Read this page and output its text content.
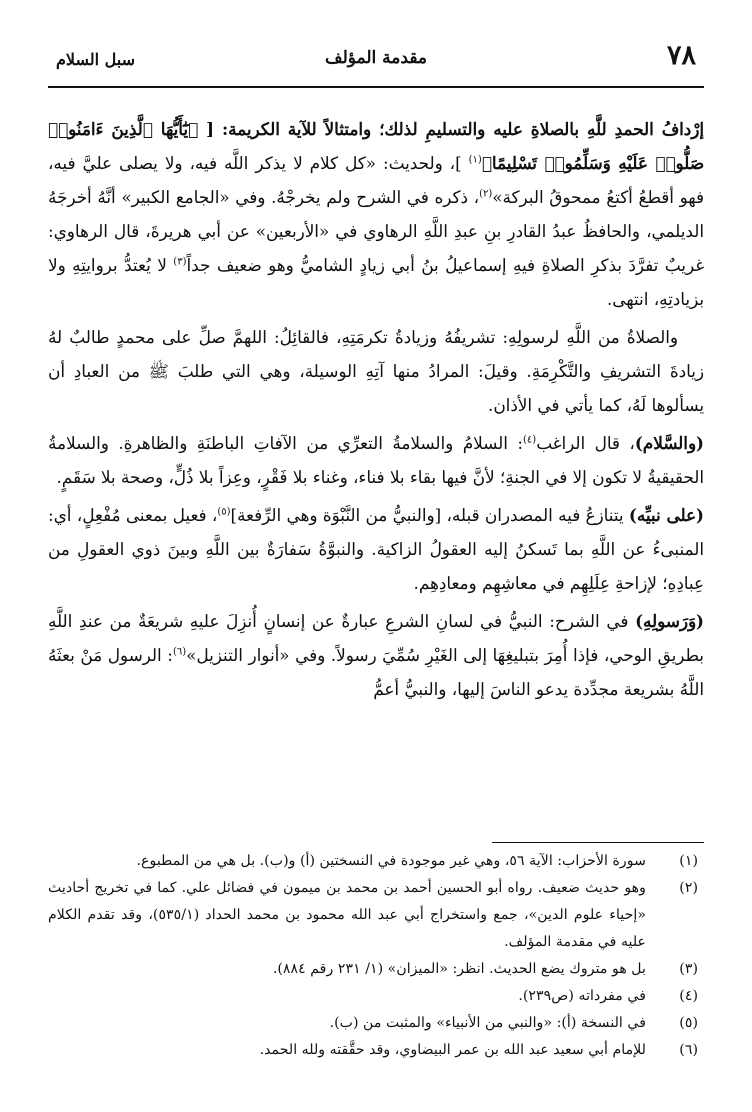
٧٨
مقدمة المؤلف
سبل السلام

إرْدافُ الحمدِ للَّهِ بالصلاةِ عليه والتسليمِ لذلك؛ وامتثالاً للآية الكريمة: [ ﴿يَٰٓأَيُّهَا ٱلَّذِينَ ءَامَنُوا۟ صَلُّوا۟ عَلَيْهِ وَسَلِّمُوا۟ تَسْلِيمًا﴾$^{(١)}$ ]، ولحديث: «كل كلام لا يذكر اللَّه فيه، ولا يصلى عليَّ فيه، فهو أقطعُ أكتعُ ممحوقُ البركة»$^{(٢)}$، ذكره في الشرح ولم يخرجْهُ. وفي «الجامع الكبير» أنَّهُ أخرجَهُ الديلمي، والحافظُ عبدُ القادرِ بنِ عبدِ اللَّهِ الرهاوي في «الأربعين» عن أبي هريرةَ، قال الرهاوي: غريبٌ تفرَّدَ بذكرِ الصلاةِ فيهِ إسماعيلُ بنُ أبي زيادٍ الشاميُّ وهو ضعيف جداً$^{(٣)}$ لا يُعتدُّ بروايتِهِ ولا بزيادتِهِ، انتهى.

والصلاةُ من اللَّهِ لرسولِهِ: تشريفُهُ وزيادةُ تكرمَتِهِ، فالقائِلُ: اللهمَّ صلِّ على محمدٍ طالبٌ لهُ زيادةَ التشريفِ والتَّكْرِمَةِ. وقيلَ: المرادُ منها آتِهِ الوسيلة، وهي التي طلبَ ﷺ من العبادِ أن يسألوها لَهُ، كما يأتي في الأذان.

(والسَّلام)، قال الراغب$^{(٤)}$: السلامُ والسلامةُ التعرِّي من الآفاتِ الباطنَةِ والظاهرةِ. والسلامةُ الحقيقيةُ لا تكون إلا في الجنةِ؛ لأنَّ فيها بقاء بلا فناء، وغناء بلا فَقْرٍ، وعِزاً بلا ذُلٍّ، وصحة بلا سَقَمٍ.

(على نبيِّه) يتنازعُ فيه المصدران قبله، [والنبيُّ من النَّبْوَة وهي الرِّفعة]$^{(٥)}$، فعيل بمعنى مُفْعِلٍ، أي: المنبىءُ عن اللَّهِ بما تَسكنُ إليه العقولُ الزاكية. والنبوَّةُ سَفارَةٌ بين اللَّهِ وبينَ ذوي العقولِ من عِبادِهِ؛ لإزاحةِ عِلَلِهِم في معاشِهِم ومعادِهِم.

(وَرَسولِهِ) في الشرح: النبيُّ في لسانِ الشرعِ عبارةٌ عن إنسانٍ أُنزِلَ عليهِ شريعَةٌ من عندِ اللَّهِ بطريقِ الوحي، فإذا أُمِرَ بتبليغِهَا إلى الغَيْرِ سُمِّيَ رسولاً. وفي «أنوار التنزيل»$^{(٦)}$: الرسول مَنْ بعثَهُ اللَّهُ بشريعة مجدِّدة يدعو الناسَ إليها، والنبيُّ أعمُّ

(١)
سورة الأحزاب: الآية ٥٦، وهي غير موجودة في النسختين (أ) و(ب). بل هي من المطبوع.
(٢)
وهو حديث ضعيف. رواه أبو الحسين أحمد بن محمد بن ميمون في فضائل علي. كما في تخريج أحاديث «إحياء علوم الدين»، جمع واستخراج أبي عبد الله محمود بن محمد الحداد (٥٣٥/١)، وقد تقدم الكلام عليه في مقدمة المؤلف.
(٣)
بل هو متروك يضع الحديث. انظر: «الميزان» (١/ ٢٣١ رقم ٨٨٤).
(٤)
في مفرداته (ص٢٣٩).
(٥)
في النسخة (أ): «والنبي من الأنبياء» والمثبت من (ب).
(٦)
للإمام أبي سعيد عبد الله بن عمر البيضاوي، وقد حقَّقته ولله الحمد.
